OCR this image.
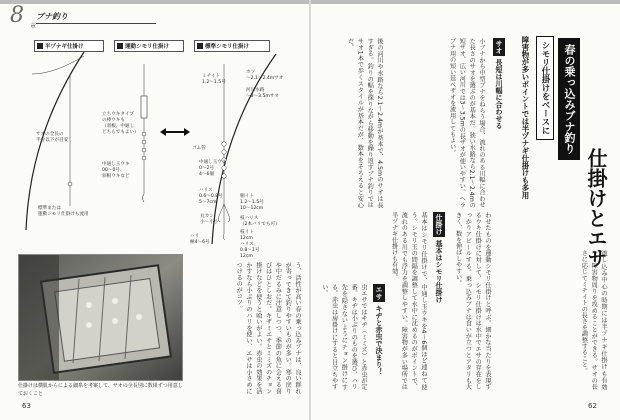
8 章
ブナ釣り
半ヅナギ仕掛け	運動シモリ仕掛け	標準シモリ仕掛け
サオの全長の
半分以下が目安
標準または
運動シモリ仕掛けも流用
立ちウキタイプ
の棒ウキも
（羽根、中通し
どちらでもよい）
中通し玉ウキ
00〜0号、
羽根ウキなど
ゴム管
ミチイト
1.2〜1.5号
ホソ
〜2.1〜2.4mサオ
河川水路
〜3〜3.5mサオ
中通し玉ウキ
0〜2号
4〜6個
ハリス
0.6〜0.8号
5〜7cm
丸カン
小〜小小
ハリ
極4〜6号
胴イト
1.2〜1.5号
10〜12cm
枝ハリス
（2本バリでも可）
枝イト
12cm
ハリス
0.8〜1号
12cm
仕掛けは横肌からによる細糸を考案して、サオの全長別に数組ずつ用意しておくこと	う、活性が高い春の乗っ込みブナは、良い群れが寄ってきて釣りやすいものが多い。寒の戻りや中だるみに注意しつつ、季節の魚に会える喜びはひとしおだ。キザミエサとミミズのチョン掛けなどを使うと喰いがよい。赤虫の効果を活かすなら小ぶりのハリを使い、エサは小さめにつけるのがコツ。
63
春の乗っ込みブナ釣り
仕掛けとエサ
シモリ仕掛けをベースに
障害物が多いポイントでは半ヅナギ仕掛けも多用
サオ長短は川幅に合わせる
小ブナから中型ブナをねらう場合、流れのある川幅に合わせた長さのサオを選ぶのが基本だ。狭い水路なら2.1〜2.4mの短ザオ、広い河川では3〜3.5mの長ザオが使いやすい。ヘラブナ用の短い延べザオを流用してもよい。
後の河川や水路なら2.1〜2.4mが基本で、4.5mのサオは長すぎる。釣りの幅を探りながら移動を繰り返すブナ釣りではサオ1本で歩くスタイルが基本だが、数本をそろえると安心だ。
わせたものを運動シモリ仕掛けと呼ぶ。細かな当たりを表現するウキ仕掛けに対して、シモリ仕掛けは水中でエサの存在をしっかりアピールする。乗っ込みブナは食いが立つとアタリも大きく、数を伸ばしやすい。
仕掛け基本はシモリ仕掛け
基本はシモリ仕掛けで、中通し玉ウキを4〜6個ほど連ねて使う。シモリ玉の間隔を調整して水中に沈めるのがポイントで、流れのある川でも浮力を調整しやすい。障害物が多い場所では半ヅナギ仕掛けも有効。
流し込み中心の時期には半ヅナギ仕掛けも有効で、障害物周りを攻めることができる。サオの長さに応じてミチイトの長さを調整すること。
エサキヂと赤虫で決まり！
虫エサではキヂ（ミミズ）と赤虫が定番。キヂは小ぶりのものを選び、ハリ先を隠さないようにチョン掛けにする。赤虫は房掛けにすると目立ちやすい。
62
